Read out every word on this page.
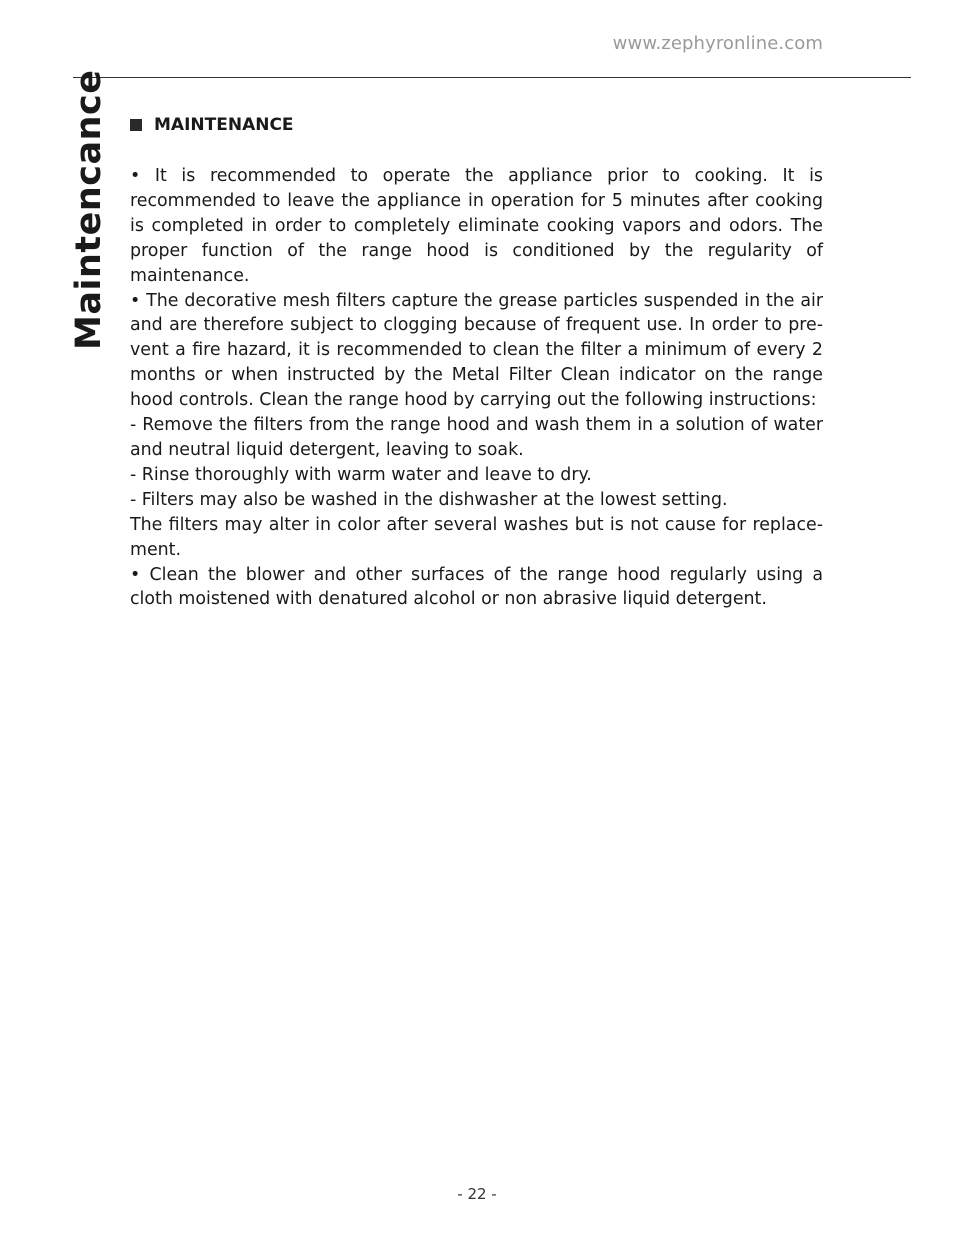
www.zephyronline.com
Maintencance	MAINTENANCE

• It is recommended to operate the appliance prior to cooking. It is recommended to leave the appliance in operation for 5 minutes after cooking is completed in order to completely eliminate cooking vapors and odors. The proper function of the range hood is conditioned by the regularity of maintenance.

• The decorative mesh filters capture the grease particles suspended in the air and are therefore subject to clogging because of frequent use. In order to pre-vent a fire hazard, it is recommended to clean the filter a minimum of every 2 months or when instructed by the Metal Filter Clean indicator on the range hood controls. Clean the range hood by carrying out the following instructions:

- Remove the filters from the range hood and wash them in a solution of water and neutral liquid detergent, leaving to soak.

- Rinse thoroughly with warm water and leave to dry.

- Filters may also be washed in the dishwasher at the lowest setting.

The filters may alter in color after several washes but is not cause for replace-ment.

• Clean the blower and other surfaces of the range hood regularly using a cloth moistened with denatured alcohol or non abrasive liquid detergent.

- 22 -
